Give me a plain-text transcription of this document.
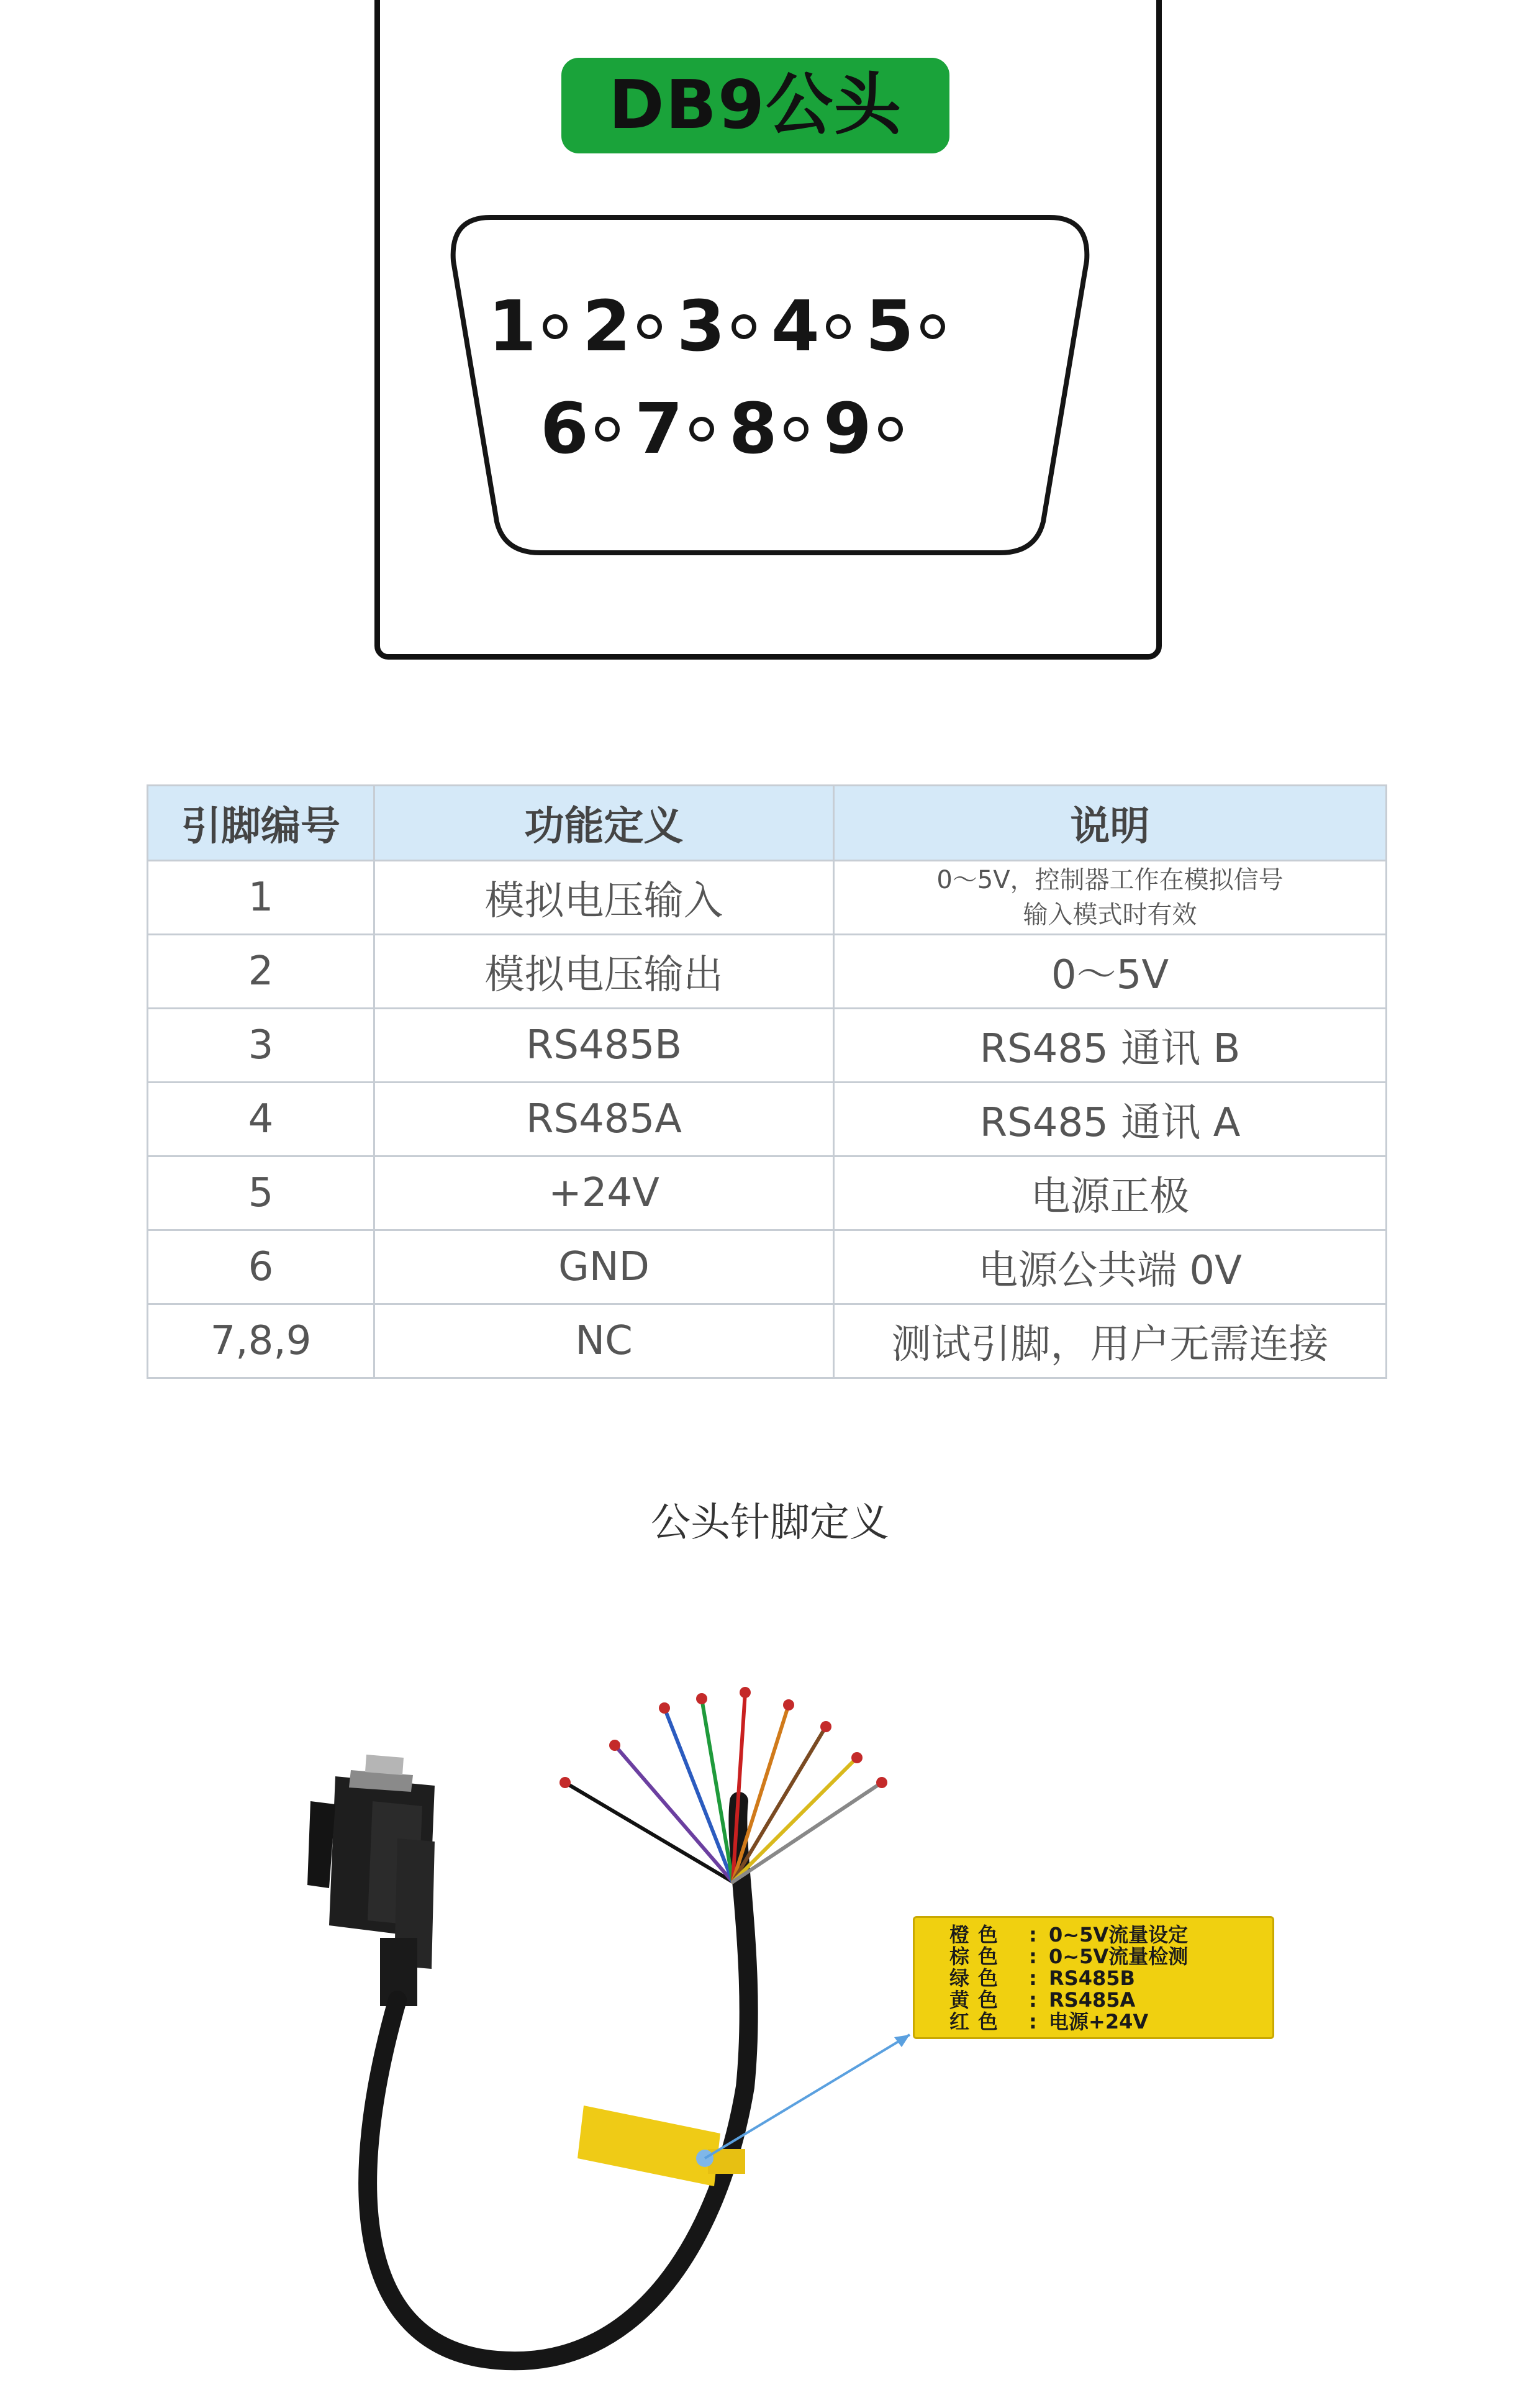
DB9公头
1 2 3 4 5
6 7 8 9
引脚编号	功能定义	说明
1	模拟电压输入	0～5V，控制器工作在模拟信号
输入模式时有效

2	模拟电压输出	0～5V
3	RS485B	RS485 通讯 B
4	RS485A	RS485 通讯 A
5	+24V	电源正极
6	GND	电源公共端 0V
7,8,9	NC	测试引脚，用户无需连接
公头针脚定义
橙色	: 0~5V流量设定
棕色	: 0~5V流量检测
绿色	: RS485B
黄色	: RS485A
红色	: 电源+24V
